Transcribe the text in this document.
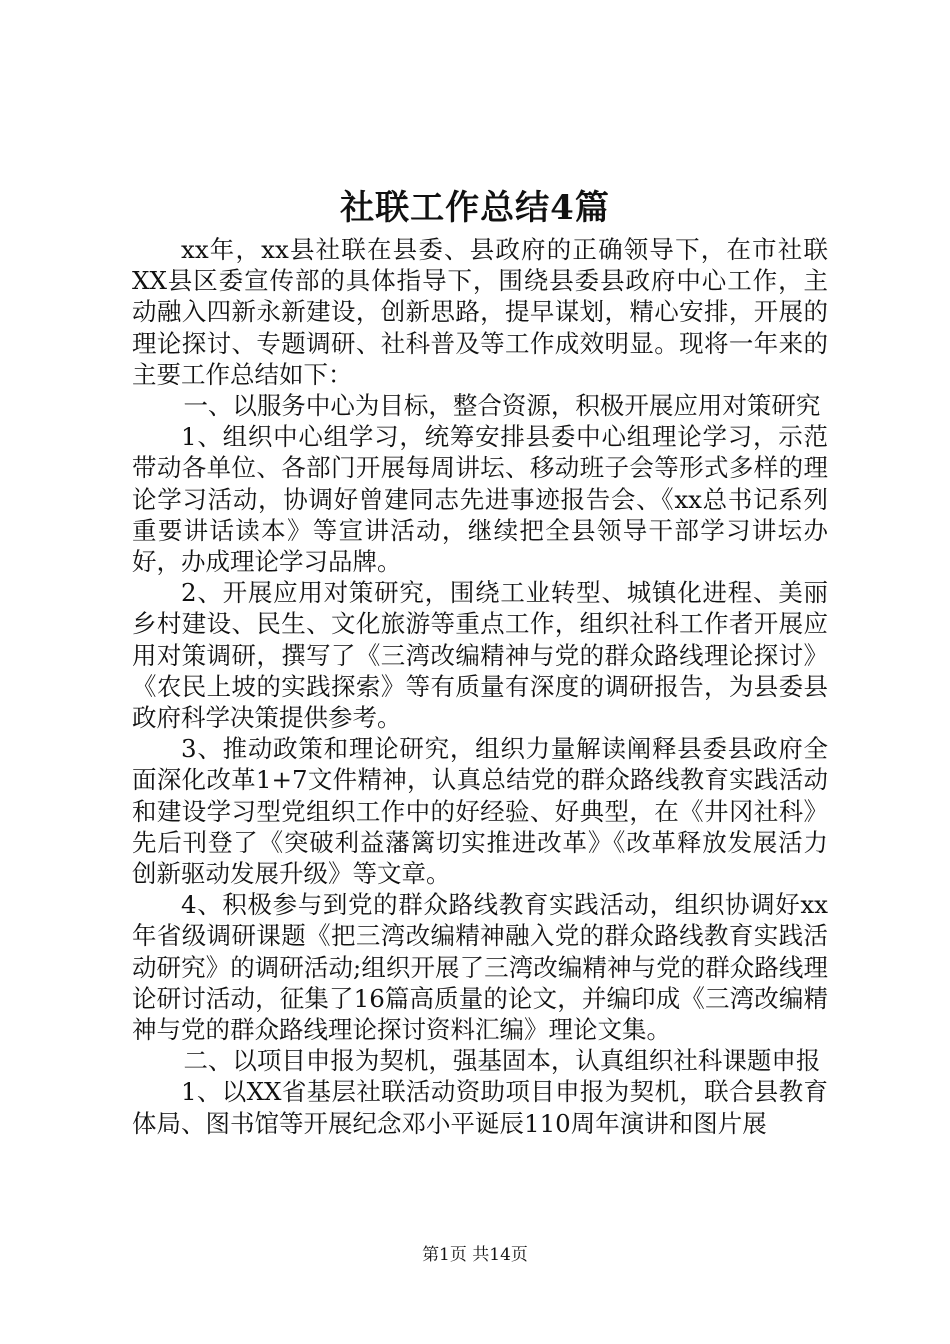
社联工作总结4篇

xx年，xx县社联在县委、县政府的正确领导下，在市社联XX县区委宣传部的具体指导下，围绕县委县政府中心工作，主动融入四新永新建设，创新思路，提早谋划，精心安排，开展的理论探讨、专题调研、社科普及等工作成效明显。现将一年来的主要工作总结如下：

一、以服务中心为目标，整合资源，积极开展应用对策研究

1、组织中心组学习，统筹安排县委中心组理论学习，示范带动各单位、各部门开展每周讲坛、移动班子会等形式多样的理论学习活动，协调好曾建同志先进事迹报告会、《xx总书记系列重要讲话读本》等宣讲活动，继续把全县领导干部学习讲坛办好，办成理论学习品牌。

2、开展应用对策研究，围绕工业转型、城镇化进程、美丽乡村建设、民生、文化旅游等重点工作，组织社科工作者开展应用对策调研，撰写了《三湾改编精神与党的群众路线理论探讨》《农民上坡的实践探索》等有质量有深度的调研报告，为县委县政府科学决策提供参考。

3、推动政策和理论研究，组织力量解读阐释县委县政府全面深化改革1+7文件精神，认真总结党的群众路线教育实践活动和建设学习型党组织工作中的好经验、好典型，在《井冈社科》先后刊登了《突破利益藩篱切实推进改革》《改革释放发展活力创新驱动发展升级》等文章。

4、积极参与到党的群众路线教育实践活动，组织协调好xx年省级调研课题《把三湾改编精神融入党的群众路线教育实践活动研究》的调研活动;组织开展了三湾改编精神与党的群众路线理论研讨活动，征集了16篇高质量的论文，并编印成《三湾改编精神与党的群众路线理论探讨资料汇编》理论文集。

二、以项目申报为契机，强基固本，认真组织社科课题申报

1、以XX省基层社联活动资助项目申报为契机，联合县教育体局、图书馆等开展纪念邓小平诞辰110周年演讲和图片展

第1页 共14页
